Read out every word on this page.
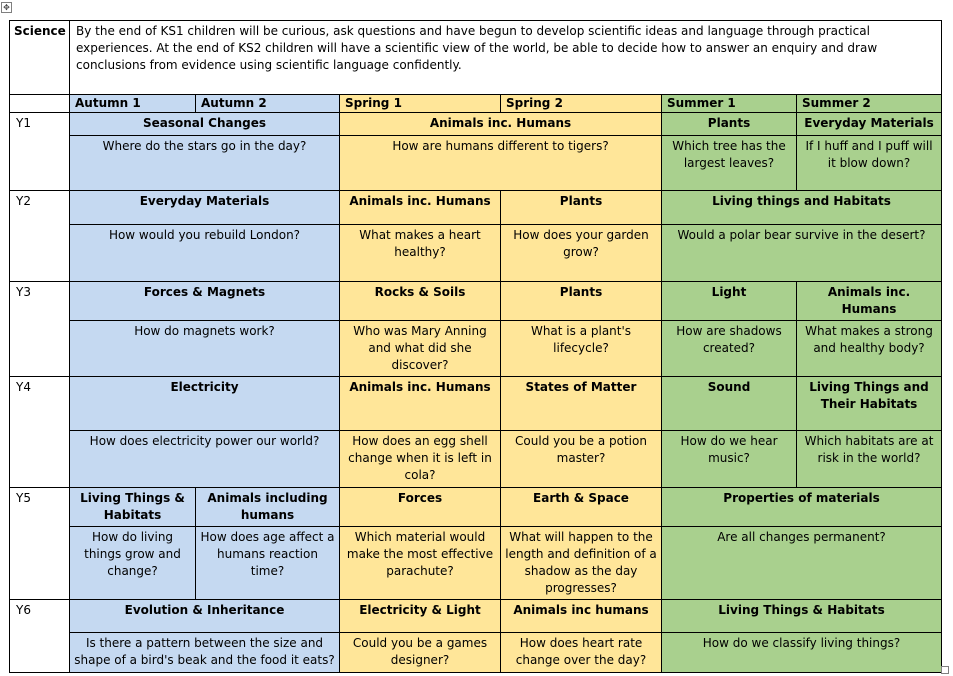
✥
Science	By the end of KS1 children will be curious, ask questions and have begun to develop scientific ideas and language through practical experiences. At the end of KS2 children will have a scientific view of the world, be able to decide how to answer an enquiry and draw conclusions from evidence using scientific language confidently.					
	Autumn 1	Autumn 2	Spring 1	Spring 2	Summer 1	Summer 2
Y1	Seasonal Changes		Animals inc. Humans		Plants	Everyday Materials
	Where do the stars go in the day?		How are humans different to tigers?		Which tree has the largest leaves?	If I huff and I puff will it blow down?
Y2	Everyday Materials		Animals inc. Humans	Plants	Living things and Habitats	
	How would you rebuild London?		What makes a heart healthy?	How does your garden grow?	Would a polar bear survive in the desert?	
Y3	Forces & Magnets		Rocks & Soils	Plants	Light	Animals inc. Humans
	How do magnets work?		Who was Mary Anning and what did she discover?	What is a plant's lifecycle?	How are shadows created?	What makes a strong and healthy body?
Y4	Electricity		Animals inc. Humans	States of Matter	Sound	Living Things and Their Habitats
	How does electricity power our world?		How does an egg shell change when it is left in cola?	Could you be a potion master?	How do we hear music?	Which habitats are at risk in the world?
Y5	Living Things & Habitats	Animals including humans	Forces	Earth & Space	Properties of materials	
	How do living things grow and change?	How does age affect a humans reaction time?	Which material would make the most effective parachute?	What will happen to the length and definition of a shadow as the day progresses?	Are all changes permanent?	
Y6	Evolution & Inheritance		Electricity & Light	Animals inc humans	Living Things & Habitats	
	Is there a pattern between the size and shape of a bird's beak and the food it eats?		Could you be a games designer?	How does heart rate change over the day?	How do we classify living things?	
